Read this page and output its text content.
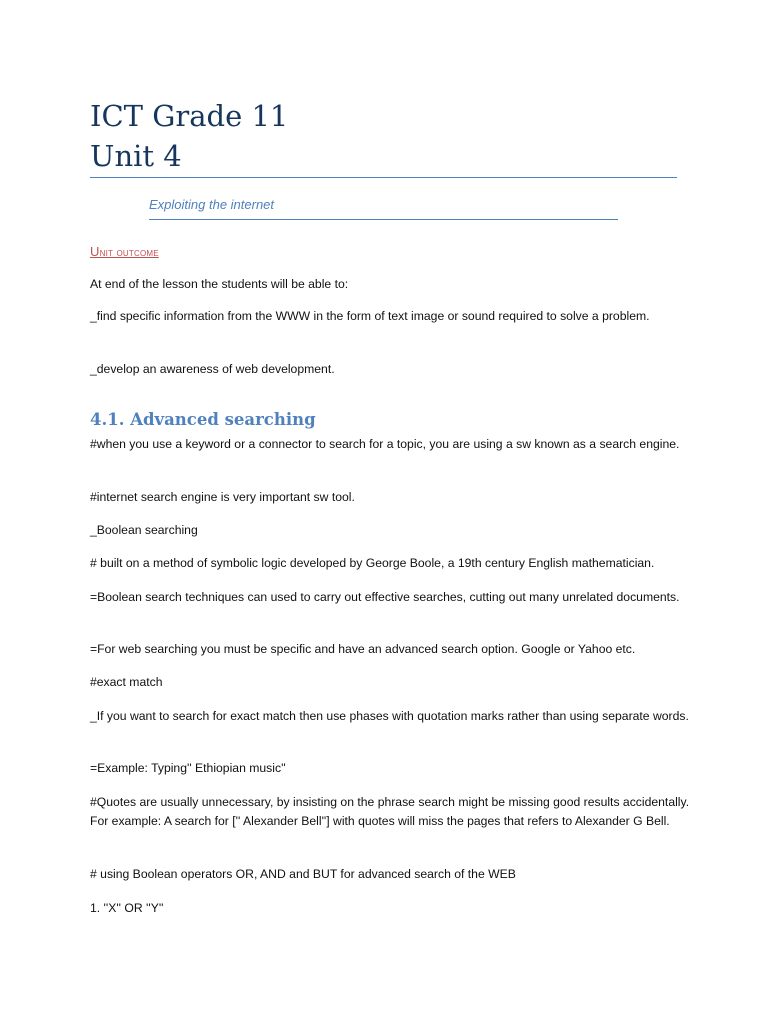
ICT Grade 11
Unit 4
Exploiting the internet
Unit outcome
At end of the lesson the students will be able to:
_find specific information from the WWW in the form of text image or sound required to solve a problem.
_develop an awareness of web development.
4.1. Advanced searching
#when you use a keyword or a connector to search for a topic, you are using a sw known as a search engine.
#internet search engine is very important sw tool.
_Boolean searching
# built on a method of symbolic logic developed by George Boole, a 19th century English mathematician.
=Boolean search techniques can used to carry out effective searches, cutting out many unrelated documents.
=For web searching you must be specific and have an advanced search option. Google or Yahoo etc.
#exact match
_If you want to search for exact match then use phases with quotation marks rather than using separate words.
=Example: Typing'' Ethiopian music''
#Quotes are usually unnecessary, by insisting on the phrase search might be missing good results accidentally. For example: A search for ['' Alexander Bell''] with quotes will miss the pages that refers to Alexander G Bell.
# using Boolean operators OR, AND and BUT for advanced search of the WEB
1. ''X'' OR ''Y''
